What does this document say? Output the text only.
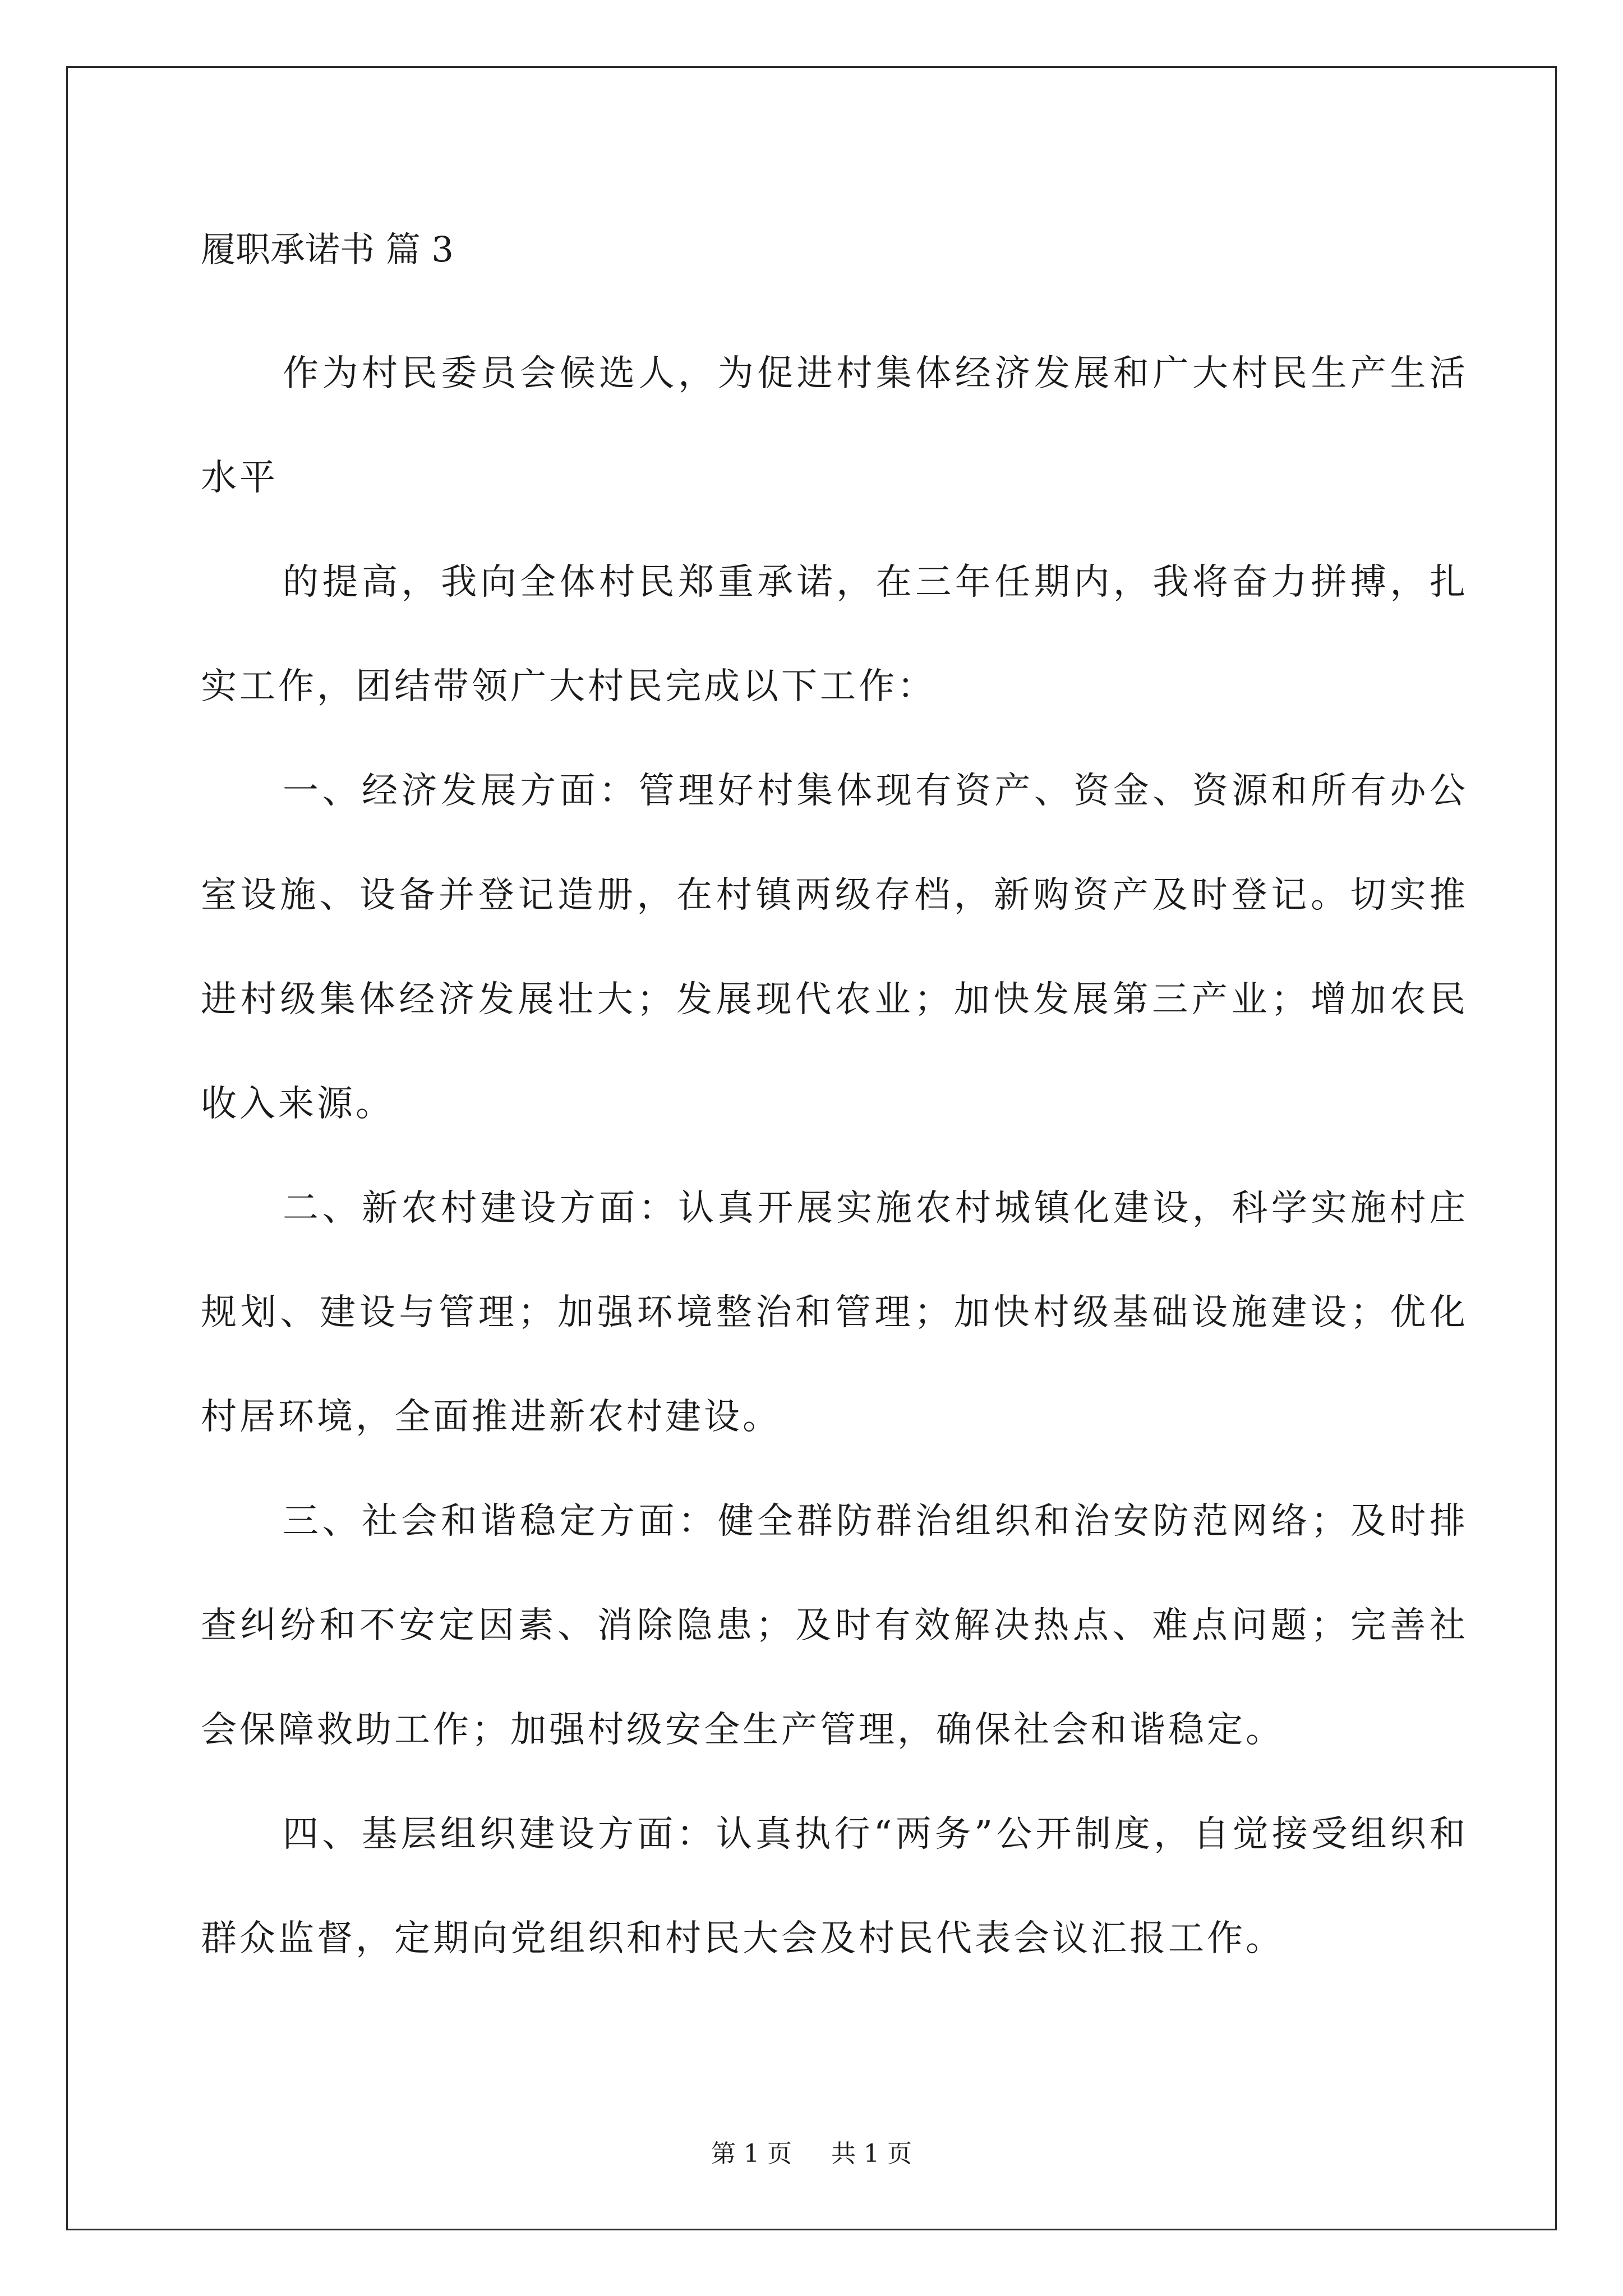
履职承诺书 篇 3

作为村民委员会候选人，为促进村集体经济发展和广大村民生产生活水平

的提高，我向全体村民郑重承诺，在三年任期内，我将奋力拼搏，扎实工作，团结带领广大村民完成以下工作：

一、经济发展方面：管理好村集体现有资产、资金、资源和所有办公室设施、设备并登记造册，在村镇两级存档，新购资产及时登记。切实推进村级集体经济发展壮大；发展现代农业；加快发展第三产业；增加农民收入来源。

二、新农村建设方面：认真开展实施农村城镇化建设，科学实施村庄规划、建设与管理；加强环境整治和管理；加快村级基础设施建设；优化村居环境，全面推进新农村建设。

三、社会和谐稳定方面：健全群防群治组织和治安防范网络；及时排查纠纷和不安定因素、消除隐患；及时有效解决热点、难点问题；完善社会保障救助工作；加强村级安全生产管理，确保社会和谐稳定。

四、基层组织建设方面：认真执行“两务”公开制度，自觉接受组织和群众监督，定期向党组织和村民大会及村民代表会议汇报工作。

第 1 页 共 1 页
